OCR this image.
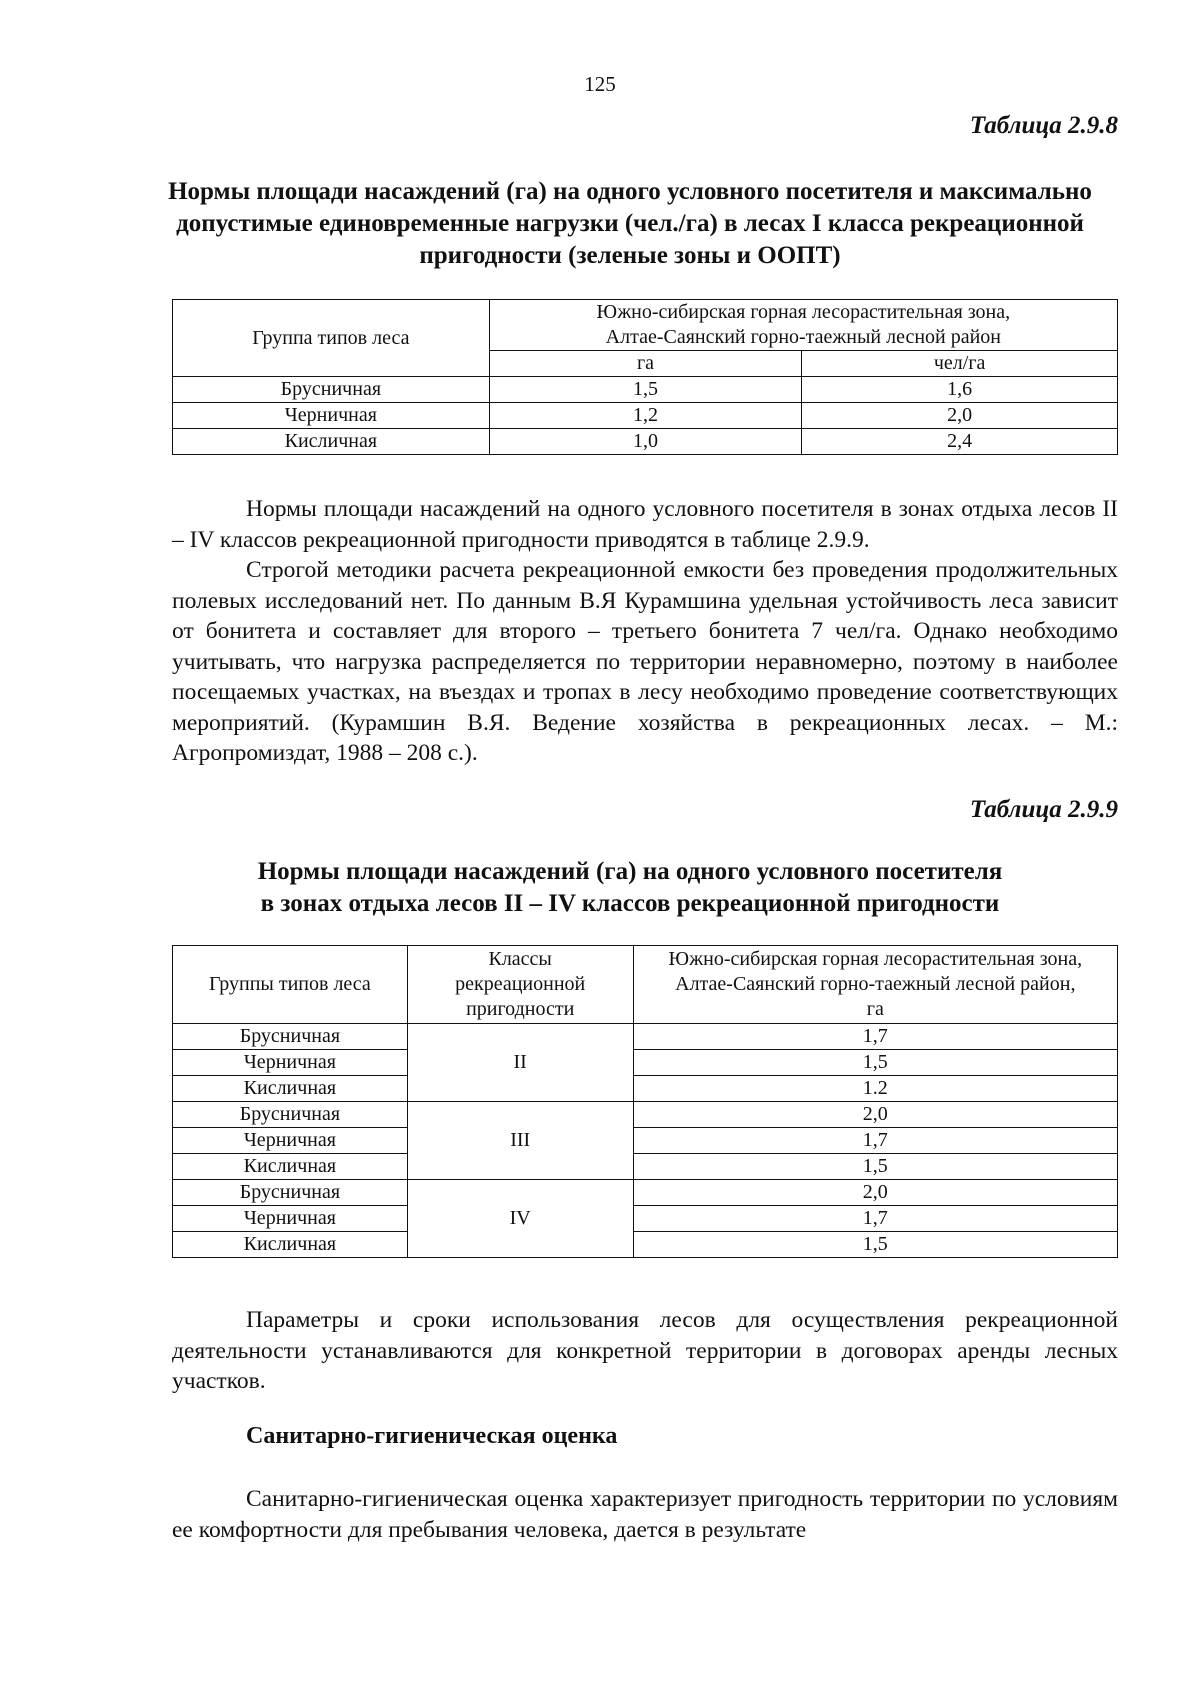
125
Таблица 2.9.8
Нормы площади насаждений (га) на одного условного посетителя и максимально
допустимые единовременные нагрузки (чел./га) в лесах I класса рекреационной
пригодности (зеленые зоны и ООПТ)
Группа типов леса	Южно-сибирская горная лесорастительная зона,
Алтае-Саянский горно-таежный лесной район	
	га	чел/га
Брусничная	1,5	1,6
Черничная	1,2	2,0
Кисличная	1,0	2,4

Нормы площади насаждений на одного условного посетителя в зонах отдыха лесов II – IV классов рекреационной пригодности приводятся в таблице 2.9.9.

Строгой методики расчета рекреационной емкости без проведения продолжительных полевых исследований нет. По данным В.Я Курамшина удельная устойчивость леса зависит от бонитета и составляет для второго – третьего бонитета 7 чел/га. Однако необходимо учитывать, что нагрузка распределяется по территории неравномерно, поэтому в наиболее посещаемых участках, на въездах и тропах в лесу необходимо проведение соответствующих мероприятий. (Курамшин В.Я. Ведение хозяйства в рекреационных лесах. – М.: Агропромиздат, 1988 – 208 с.).

Таблица 2.9.9
Нормы площади насаждений (га) на одного условного посетителя
в зонах отдыха лесов II – IV классов рекреационной пригодности
Группы типов леса	Классы
рекреационной
пригодности	Южно-сибирская горная лесорастительная зона,
Алтае-Саянский горно-таежный лесной район,
га
Брусничная	II	1,7
Черничная		1,5
Кисличная		1.2
Брусничная	III	2,0
Черничная		1,7
Кисличная		1,5
Брусничная	IV	2,0
Черничная		1,7
Кисличная		1,5

Параметры и сроки использования лесов для осуществления рекреационной деятельности устанавливаются для конкретной территории в договорах аренды лесных участков.

Санитарно-гигиеническая оценка

Санитарно-гигиеническая оценка характеризует пригодность территории по условиям ее комфортности для пребывания человека, дается в результате
